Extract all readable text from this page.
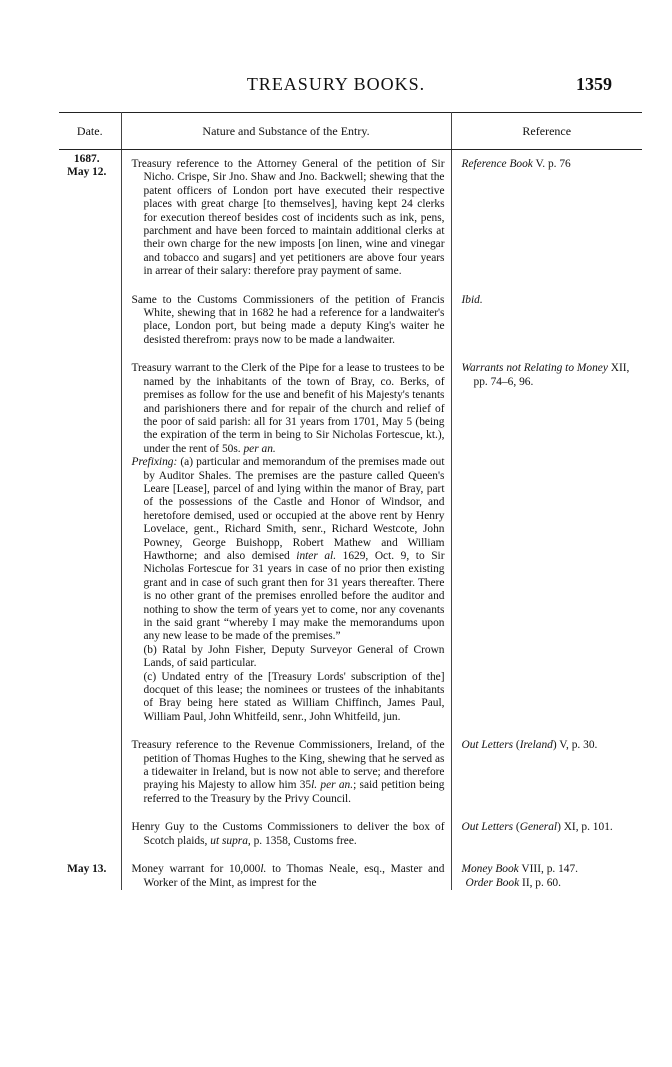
TREASURY BOOKS.	1359
Date.	Nature and Substance of the Entry.	Reference

1687.
May 12.	Treasury reference to the Attorney General of the petition of Sir Nicho. Crispe, Sir Jno. Shaw and Jno. Backwell; shewing that the patent officers of London port have executed their respective places with great charge [to themselves], having kept 24 clerks for execution thereof besides cost of incidents such as ink, pens, parchment and have been forced to maintain additional clerks at their own charge for the new imposts [on linen, wine and vinegar and tobacco and sugars] and yet petitioners are above four years in arrear of their salary: therefore pray payment of same.	Reference Book V. p. 76

	Same to the Customs Commissioners of the petition of Francis White, shewing that in 1682 he had a reference for a landwaiter's place, London port, but being made a deputy King's waiter he desisted therefrom: prays now to be made a landwaiter.	Ibid.

	Treasury warrant to the Clerk of the Pipe for a lease to trustees to be named by the inhabitants of the town of Bray, co. Berks, of premises as follow for the use and benefit of his Majesty's tenants and parishioners there and for repair of the church and relief of the poor of said parish: all for 31 years from 1701, May 5 (being the expiration of the term in being to Sir Nicholas Fortescue, kt.), under the rent of 50s. per an.

Prefixing: (a) particular and memorandum of the premises made out by Auditor Shales. The premises are the pasture called Queen's Leare [Lease], parcel of and lying within the manor of Bray, part of the possessions of the Castle and Honor of Windsor, and heretofore demised, used or occupied at the above rent by Henry Lovelace, gent., Richard Smith, senr., Richard Westcote, John Powney, George Buishopp, Robert Mathew and William Hawthorne; and also demised inter al. 1629, Oct. 9, to Sir Nicholas Fortescue for 31 years in case of no prior then existing grant and in case of such grant then for 31 years thereafter. There is no other grant of the premises enrolled before the auditor and nothing to show the term of years yet to come, nor any covenants in the said grant “whereby I may make the memorandums upon any new lease to be made of the premises.”

(b) Ratal by John Fisher, Deputy Surveyor General of Crown Lands, of said particular.

(c) Undated entry of the [Treasury Lords' subscription of the] docquet of this lease; the nominees or trustees of the inhabitants of Bray being here stated as William Chiffinch, James Paul, William Paul, John Whitfeild, senr., John Whitfeild, jun.	Warrants not Relating to Money XII, pp. 74–6, 96.

	Treasury reference to the Revenue Commissioners, Ireland, of the petition of Thomas Hughes to the King, shewing that he served as a tidewaiter in Ireland, but is now not able to serve; and therefore praying his Majesty to allow him 35l. per an.; said petition being referred to the Treasury by the Privy Council.	Out Letters (Ireland) V, p. 30.

	Henry Guy to the Customs Commissioners to deliver the box of Scotch plaids, ut supra, p. 1358, Customs free.	Out Letters (General) XI, p. 101.

May 13.	Money warrant for 10,000l. to Thomas Neale, esq., Master and Worker of the Mint, as imprest for the	Money Book VIII, p. 147.
Order Book II, p. 60.
